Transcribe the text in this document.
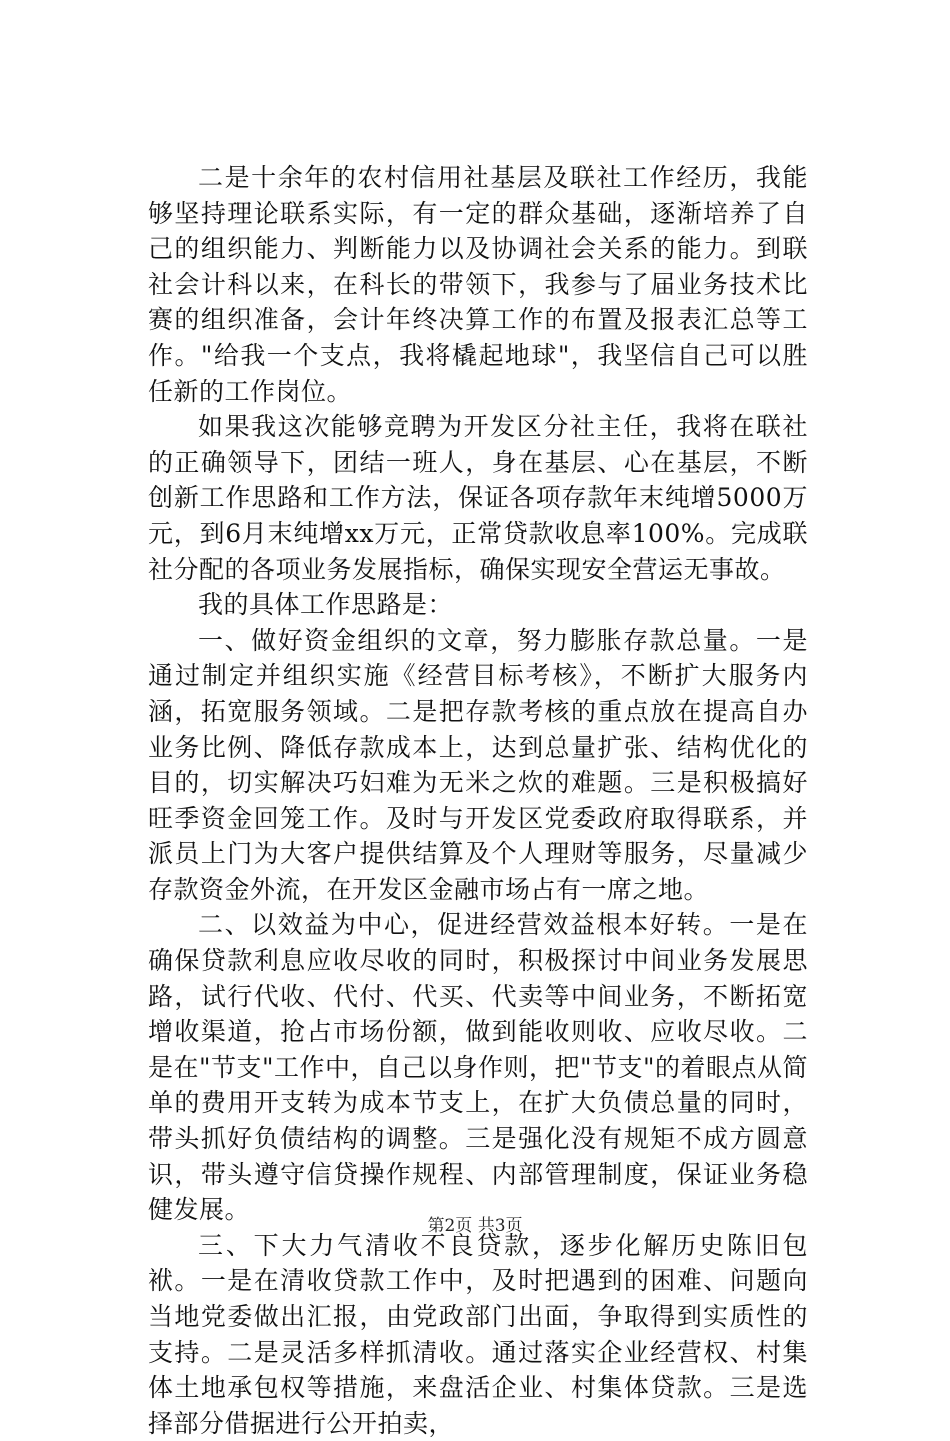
二是十余年的农村信用社基层及联社工作经历，我能够坚持理论联系实际，有一定的群众基础，逐渐培养了自己的组织能力、判断能力以及协调社会关系的能力。到联社会计科以来，在科长的带领下，我参与了届业务技术比赛的组织准备，会计年终决算工作的布置及报表汇总等工作。"给我一个支点，我将橇起地球"，我坚信自己可以胜任新的工作岗位。

如果我这次能够竞聘为开发区分社主任，我将在联社的正确领导下，团结一班人，身在基层、心在基层，不断创新工作思路和工作方法，保证各项存款年末纯增5000万元，到6月末纯增xx万元，正常贷款收息率100%。完成联社分配的各项业务发展指标，确保实现安全营运无事故。

我的具体工作思路是：

一、做好资金组织的文章，努力膨胀存款总量。一是通过制定并组织实施《经营目标考核》，不断扩大服务内涵，拓宽服务领域。二是把存款考核的重点放在提高自办业务比例、降低存款成本上，达到总量扩张、结构优化的目的，切实解决巧妇难为无米之炊的难题。三是积极搞好旺季资金回笼工作。及时与开发区党委政府取得联系，并派员上门为大客户提供结算及个人理财等服务，尽量减少存款资金外流，在开发区金融市场占有一席之地。

二、以效益为中心，促进经营效益根本好转。一是在确保贷款利息应收尽收的同时，积极探讨中间业务发展思路，试行代收、代付、代买、代卖等中间业务，不断拓宽增收渠道，抢占市场份额，做到能收则收、应收尽收。二是在"节支"工作中，自己以身作则，把"节支"的着眼点从简单的费用开支转为成本节支上，在扩大负债总量的同时，带头抓好负债结构的调整。三是强化没有规矩不成方圆意识，带头遵守信贷操作规程、内部管理制度，保证业务稳健发展。

三、下大力气清收不良贷款，逐步化解历史陈旧包袱。一是在清收贷款工作中，及时把遇到的困难、问题向当地党委做出汇报，由党政部门出面，争取得到实质性的支持。二是灵活多样抓清收。通过落实企业经营权、村集体土地承包权等措施，来盘活企业、村集体贷款。三是选择部分借据进行公开拍卖，

第2页 共3页
